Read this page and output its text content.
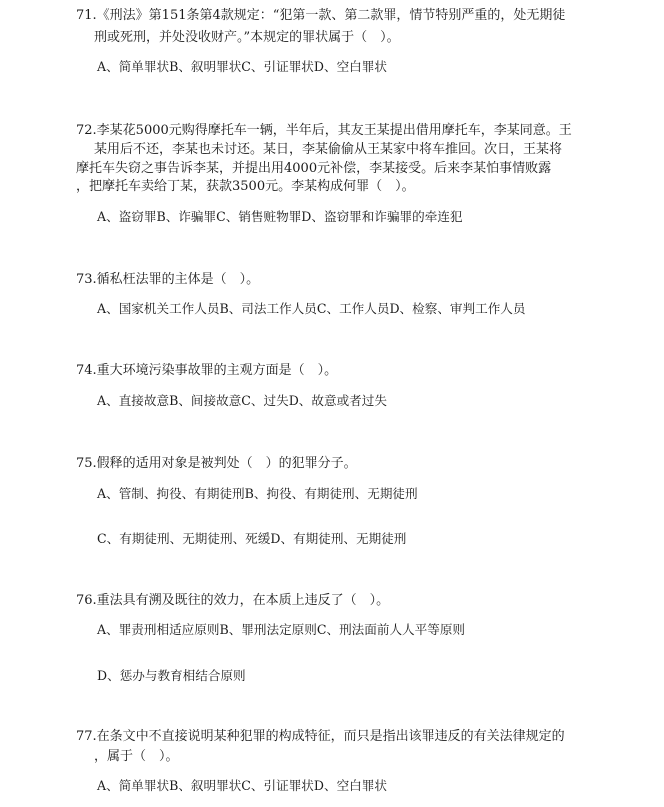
71.《刑法》第151条第4款规定：“犯第一款、第二款罪，情节特别严重的，处无期徒
刑或死刑，并处没收财产。”本规定的罪状属于（　）。
A、简单罪状B、叙明罪状C、引证罪状D、空白罪状
72.李某花5000元购得摩托车一辆，半年后，其友王某提出借用摩托车，李某同意。王
某用后不还，李某也未讨还。某日，李某偷偷从王某家中将车推回。次日，王某将
摩托车失窃之事告诉李某，并提出用4000元补偿，李某接受。后来李某怕事情败露
，把摩托车卖给丁某，获款3500元。李某构成何罪（　）。
A、盗窃罪B、诈骗罪C、销售赃物罪D、盗窃罪和诈骗罪的牵连犯
73.循私枉法罪的主体是（　）。
A、国家机关工作人员B、司法工作人员C、工作人员D、检察、审判工作人员
74.重大环境污染事故罪的主观方面是（　）。
A、直接故意B、间接故意C、过失D、故意或者过失
75.假释的适用对象是被判处（　）的犯罪分子。
A、管制、拘役、有期徒刑B、拘役、有期徒刑、无期徒刑
C、有期徒刑、无期徒刑、死缓D、有期徒刑、无期徒刑
76.重法具有溯及既往的效力，在本质上违反了（　）。
A、罪责刑相适应原则B、罪刑法定原则C、刑法面前人人平等原则
D、惩办与教育相结合原则
77.在条文中不直接说明某种犯罪的构成特征，而只是指出该罪违反的有关法律规定的
，属于（　）。
A、简单罪状B、叙明罪状C、引证罪状D、空白罪状
